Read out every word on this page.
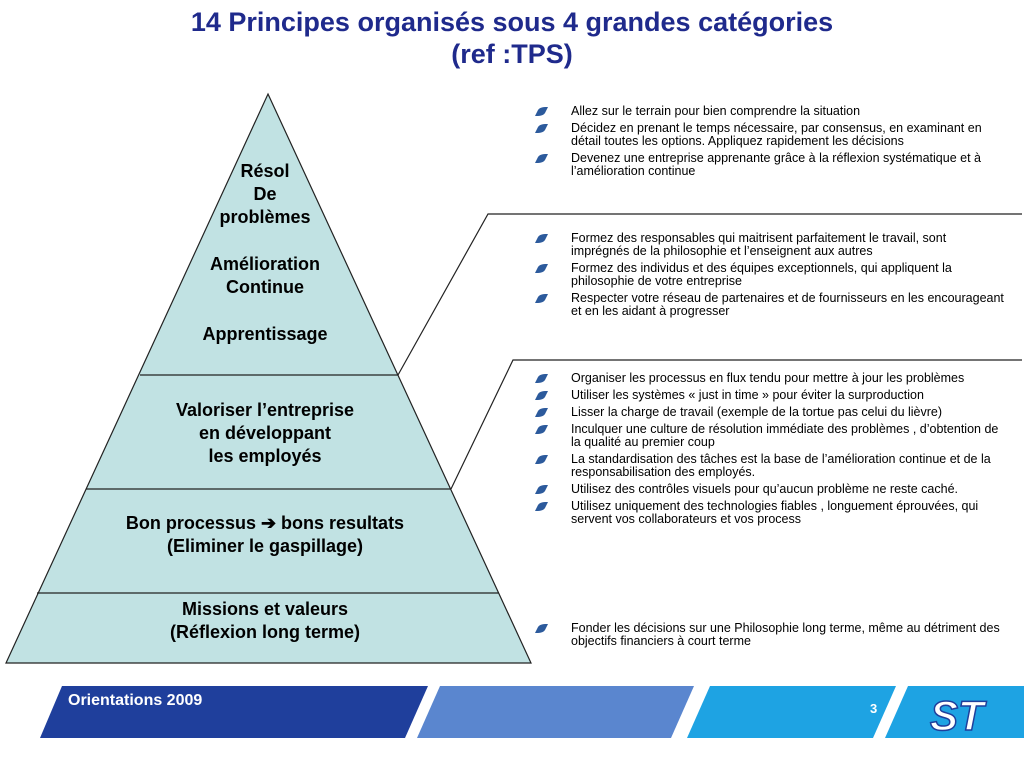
14 Principes organisés sous 4 grandes catégories
(ref :TPS)
ST
Résol
De
problèmes
Amélioration
Continue
Apprentissage
Valoriser l’entreprise
en développant
les employés
Bon processus ➔ bons resultats
(Eliminer le gaspillage)
Missions et valeurs
(Réflexion long terme)
Allez sur le terrain pour bien comprendre la situation
Décidez en prenant le temps nécessaire, par consensus, en examinant en détail toutes les options. Appliquez rapidement les décisions
Devenez une entreprise apprenante grâce à la réflexion systématique et à l’amélioration continue
Formez des responsables qui maitrisent parfaitement le travail, sont imprégnés de la philosophie et l’enseignent aux autres
Formez des individus et des équipes exceptionnels, qui appliquent la philosophie de votre entreprise
Respecter votre réseau de partenaires et de fournisseurs en les encourageant et en les aidant à progresser
Organiser les processus en flux tendu pour mettre à jour les problèmes
Utiliser les systèmes « just in time » pour éviter la surproduction
Lisser la charge de travail (exemple de la tortue pas celui du lièvre)
Inculquer une culture de résolution immédiate des problèmes , d’obtention de la qualité au premier coup
La standardisation des tâches est la base de l’amélioration continue et de la responsabilisation des employés.
Utilisez des contrôles visuels pour qu’aucun problème ne reste caché.
Utilisez uniquement des technologies fiables , longuement éprouvées, qui servent vos collaborateurs et vos process
Fonder les décisions sur une Philosophie long terme, même au détriment des objectifs financiers à court terme
Orientations 2009	3
